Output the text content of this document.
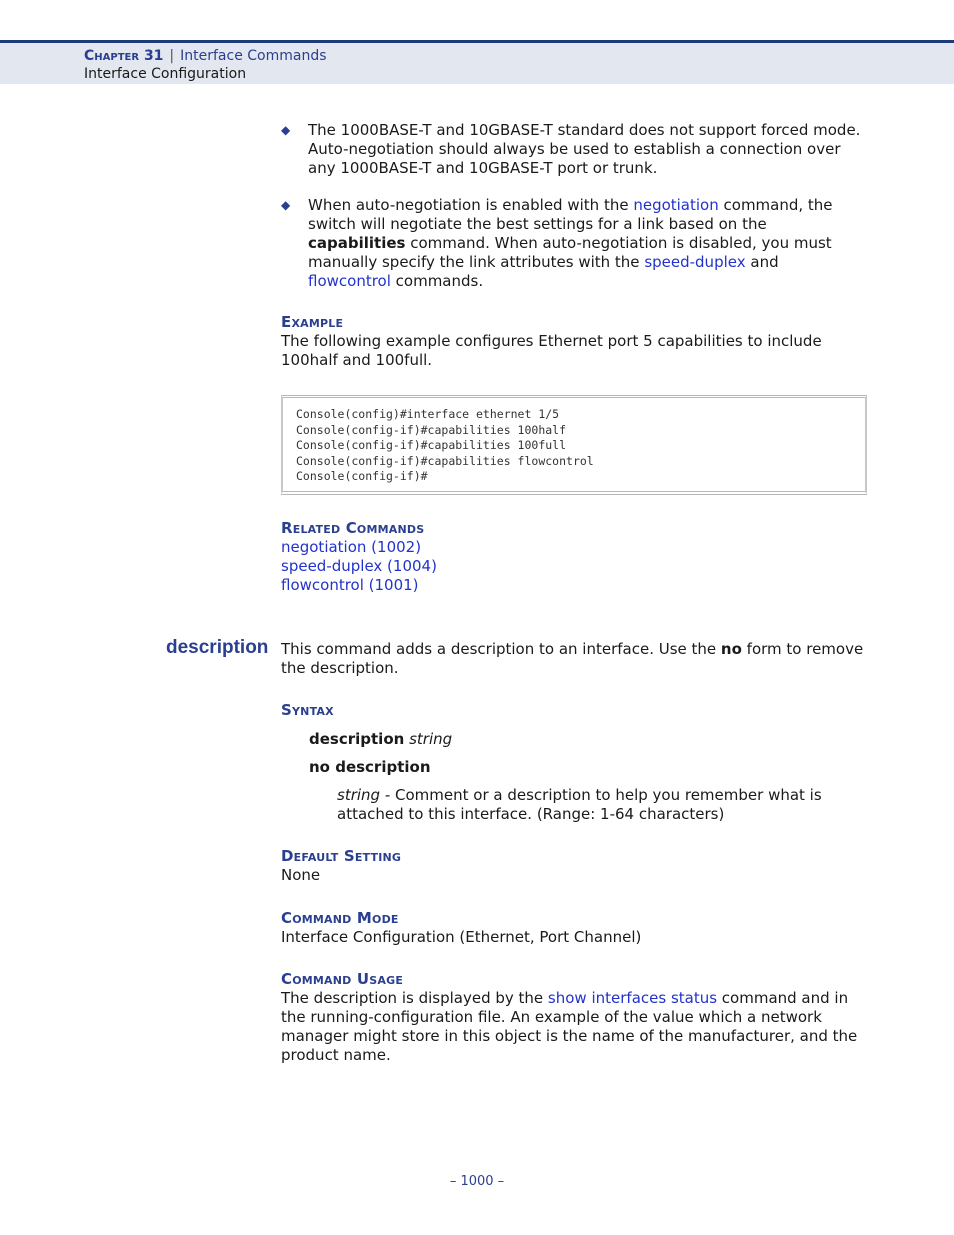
Chapter 31 | Interface Commands
Interface Configuration
◆ The 1000BASE-T and 10GBASE-T standard does not support forced mode. Auto-negotiation should always be used to establish a connection over any 1000BASE-T and 10GBASE-T port or trunk.
◆ When auto-negotiation is enabled with the negotiation command, the switch will negotiate the best settings for a link based on the capabilities command. When auto-negotiation is disabled, you must manually specify the link attributes with the speed-duplex and flowcontrol commands.
Example
The following example configures Ethernet port 5 capabilities to include 100half and 100full.
Console(config)#interface ethernet 1/5
Console(config-if)#capabilities 100half
Console(config-if)#capabilities 100full
Console(config-if)#capabilities flowcontrol
Console(config-if)#
Related Commands
negotiation (1002)
speed-duplex (1004)
flowcontrol (1001)
This command adds a description to an interface. Use the no form to remove the description.
Syntax
description string
no description
string - Comment or a description to help you remember what is attached to this interface. (Range: 1-64 characters)
Default Setting
None
Command Mode
Interface Configuration (Ethernet, Port Channel)
Command Usage
The description is displayed by the show interfaces status command and in the running-configuration file. An example of the value which a network manager might store in this object is the name of the manufacturer, and the product name.
description
– 1000 –
